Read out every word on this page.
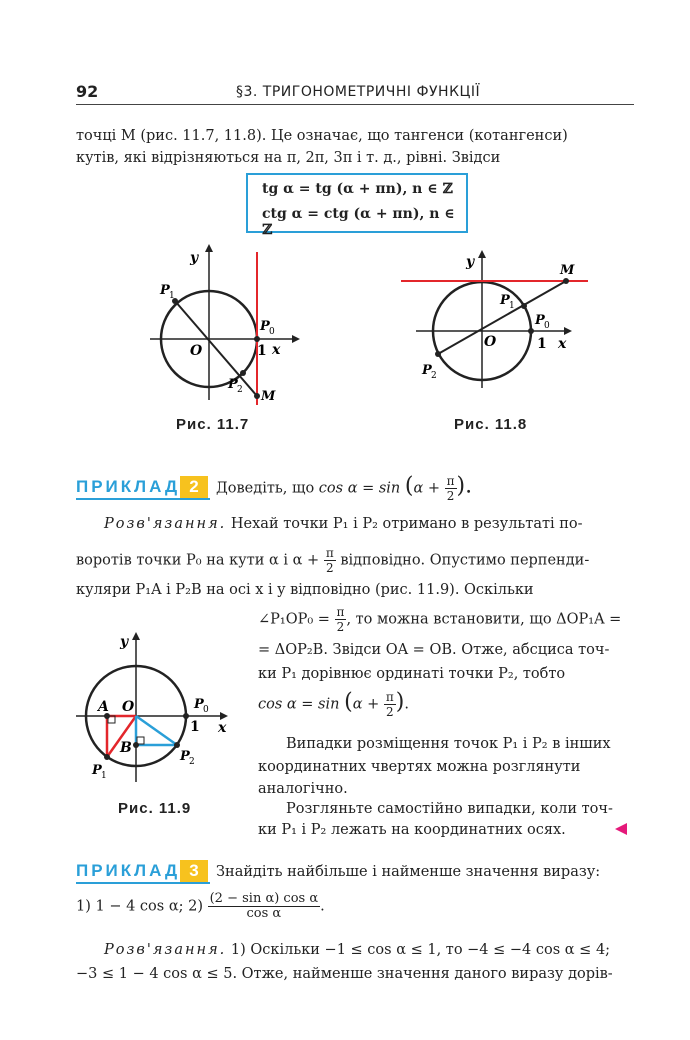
92	§3. ТРИГОНОМЕТРИЧНІ ФУНКЦІЇ
точці M (рис. 11.7, 11.8). Це означає, що тангенси (котангенси)
кутів, які відрізняються на π, 2π, 3π і т. д., рівні. Звідси
tg α = tg (α + πn), n ∈ ℤ
ctg α = ctg (α + πn), n ∈ ℤ
y
x
O	1
P 1
P 0
P 2 M
Рис. 11.7
y
x
O	1
P 1
P 0
P 2
M
Рис. 11.8
ПРИКЛАД 2	Доведіть, що $\cos \alpha = \sin (\alpha + \frac{\pi}{2}$ ).
Розв'язання. Нехай точки P₁ і P₂ отримано в результаті по-
воротів точки P₀ на кути α і $\alpha + \frac{\pi}{2}$ відповідно. Опустимо перпенди-
куляри P₁A і P₂B на осі x і y відповідно (рис. 11.9). Оскільки
∠P₁OP₀ = $\frac{\pi}{2}$ , то можна встановити, що ΔOP₁A =
= ΔOP₂B. Звідси OA = OB. Отже, абсциса точ-
ки P₁ дорівнює ординаті точки P₂, тобто
$\cos \alpha = \sin (\alpha + \frac{\pi}{2}$ ).
Випадки розміщення точок P₁ і P₂ в інших
координатних чвертях можна розглянути
аналогічно.
Розгляньте самостійно випадки, коли точ-
ки P₁ і P₂ лежать на координатних осях.
y
x
O
1
A
B
P 0
P 1
P 2
Рис. 11.9
ПРИКЛАД 3	Знайдіть найбільше і найменше значення виразу:
1) 1 − 4 cos α; $2) \frac{\text{(2 − sin α) cos α}}{\text{cos α}}$ .
Розв'язання. 1) Оскільки −1 ≤ cos α ≤ 1, то −4 ≤ −4 cos α ≤ 4;
−3 ≤ 1 − 4 cos α ≤ 5. Отже, найменше значення даного виразу дорів-
